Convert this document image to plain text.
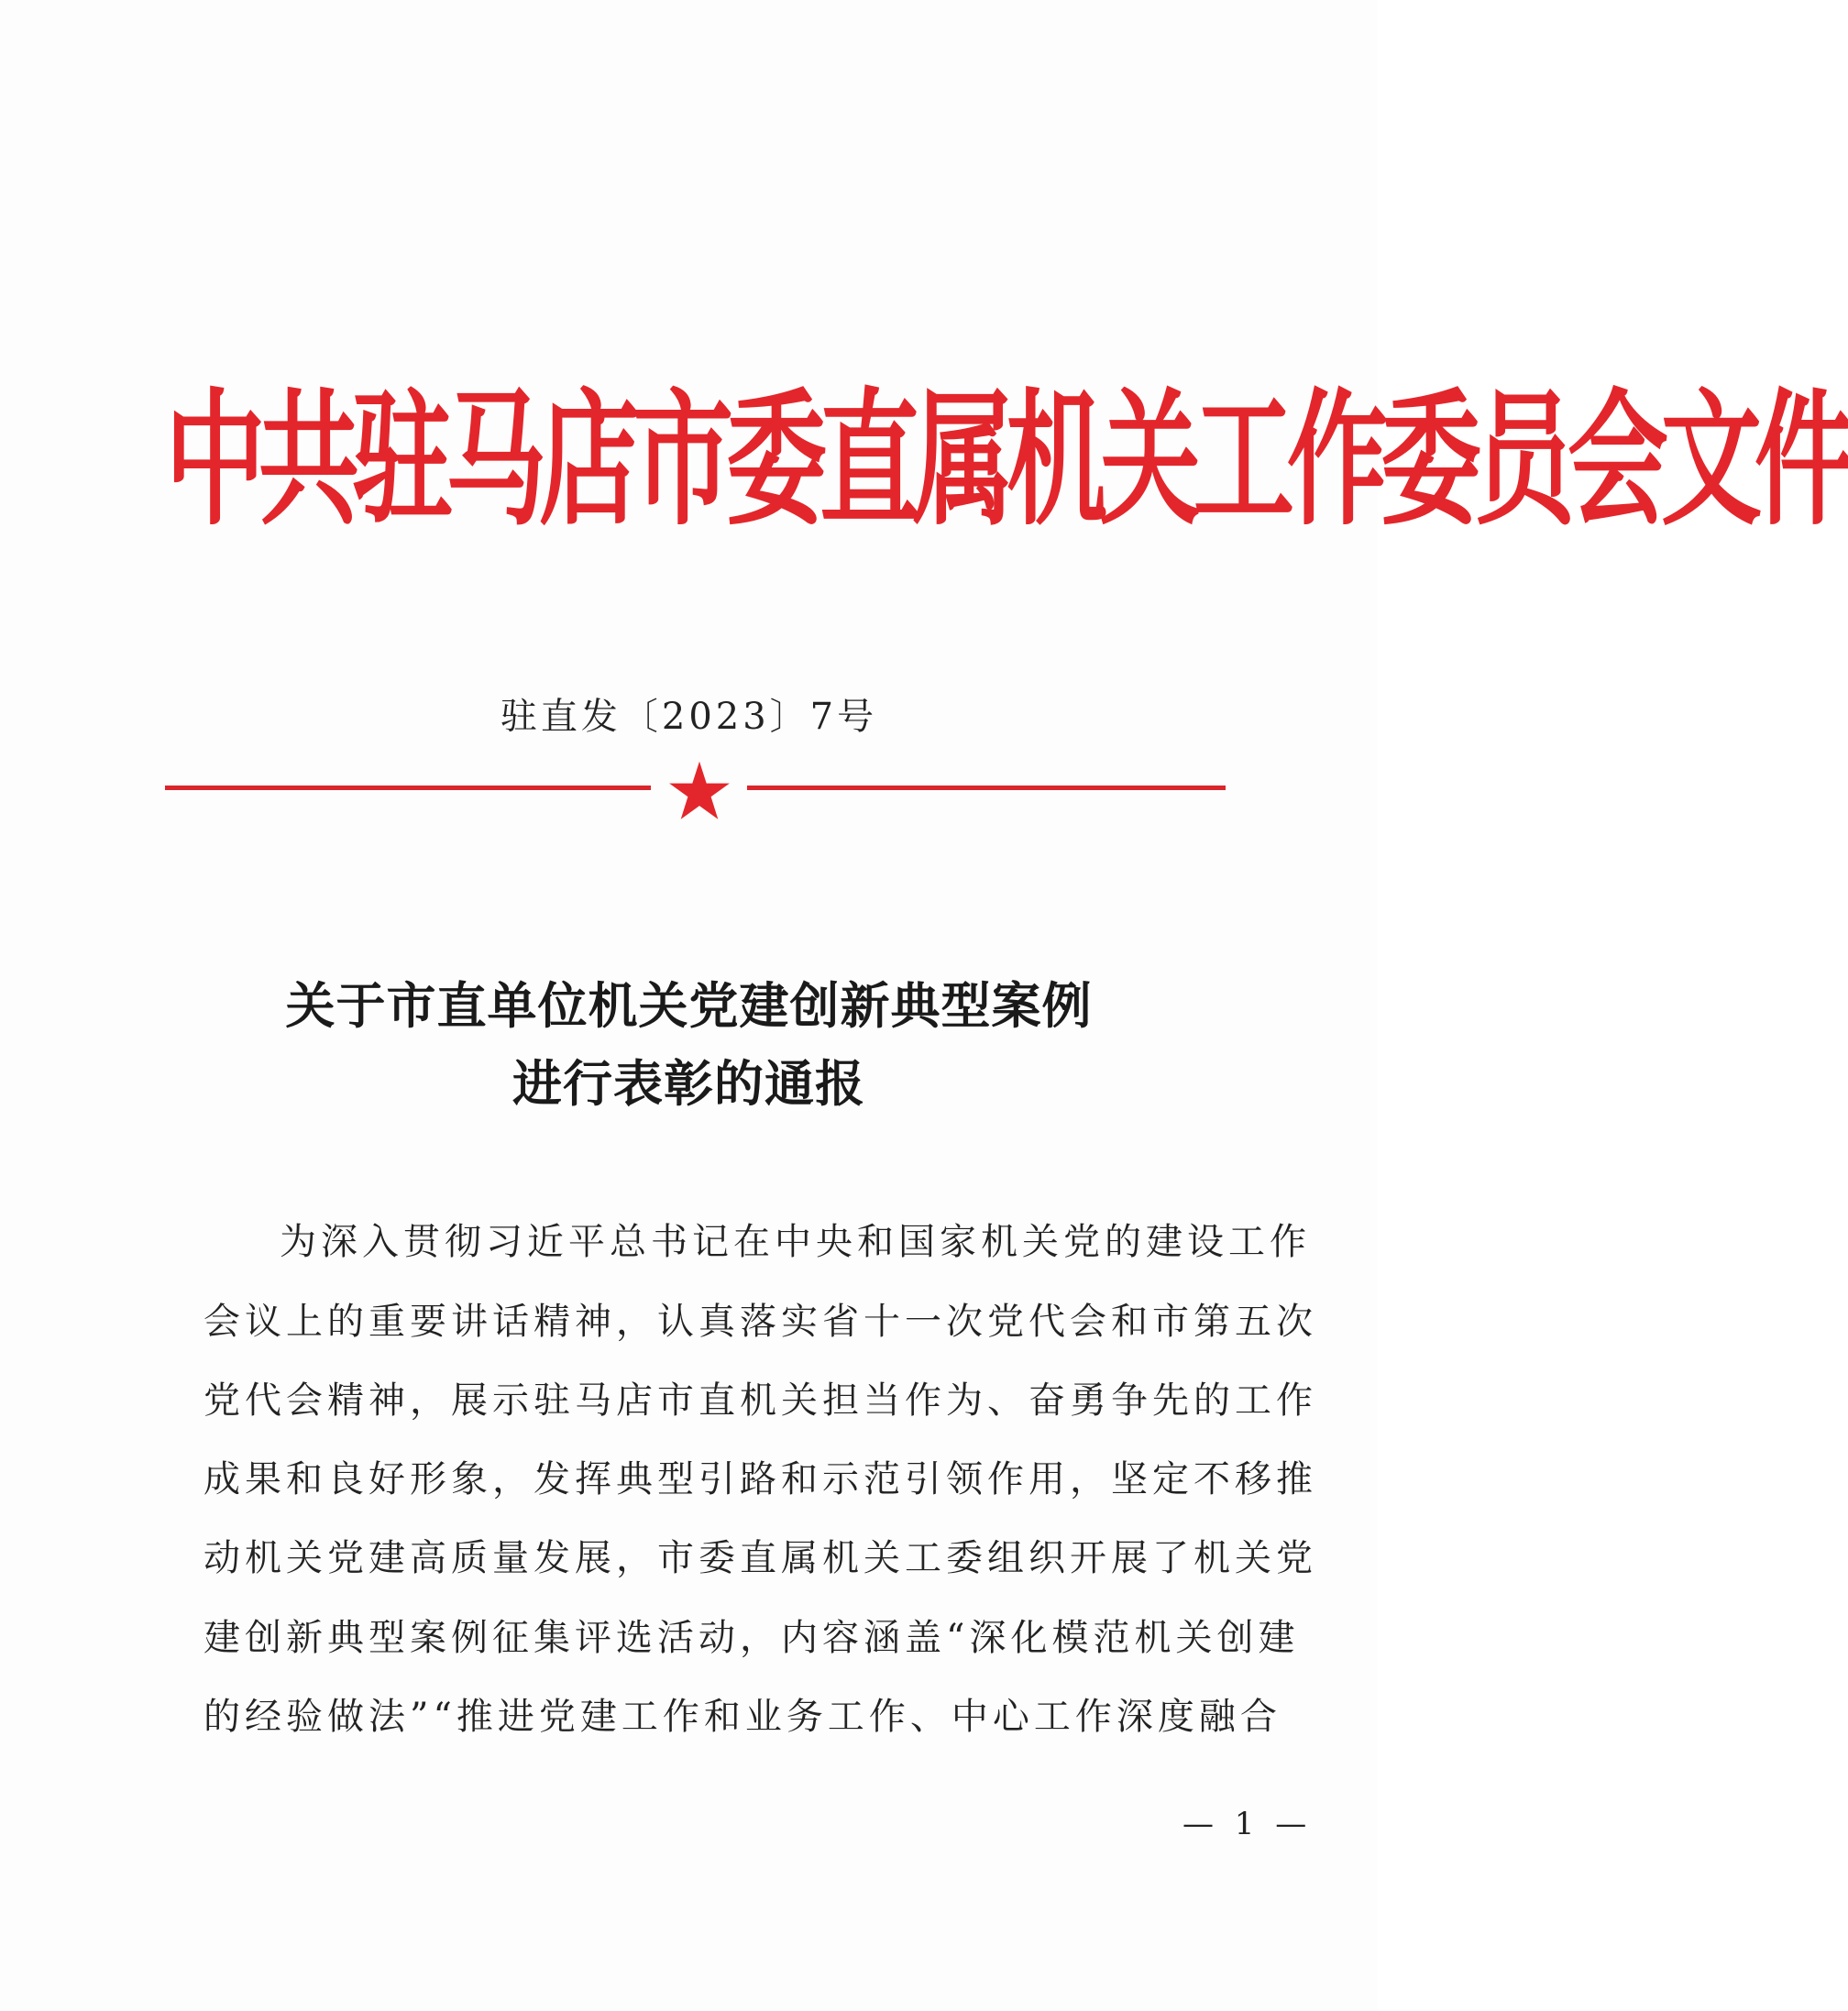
中共驻马店市委直属机关工作委员会文件
驻直发〔2023〕7号
关于市直单位机关党建创新典型案例
进行表彰的通报
为深入贯彻习近平总书记在中央和国家机关党的建设工作
会议上的重要讲话精神，认真落实省十一次党代会和市第五次
党代会精神，展示驻马店市直机关担当作为、奋勇争先的工作
成果和良好形象，发挥典型引路和示范引领作用，坚定不移推
动机关党建高质量发展，市委直属机关工委组织开展了机关党
建创新典型案例征集评选活动，内容涵盖“深化模范机关创建
的经验做法”“推进党建工作和业务工作、中心工作深度融合
— 1 —
